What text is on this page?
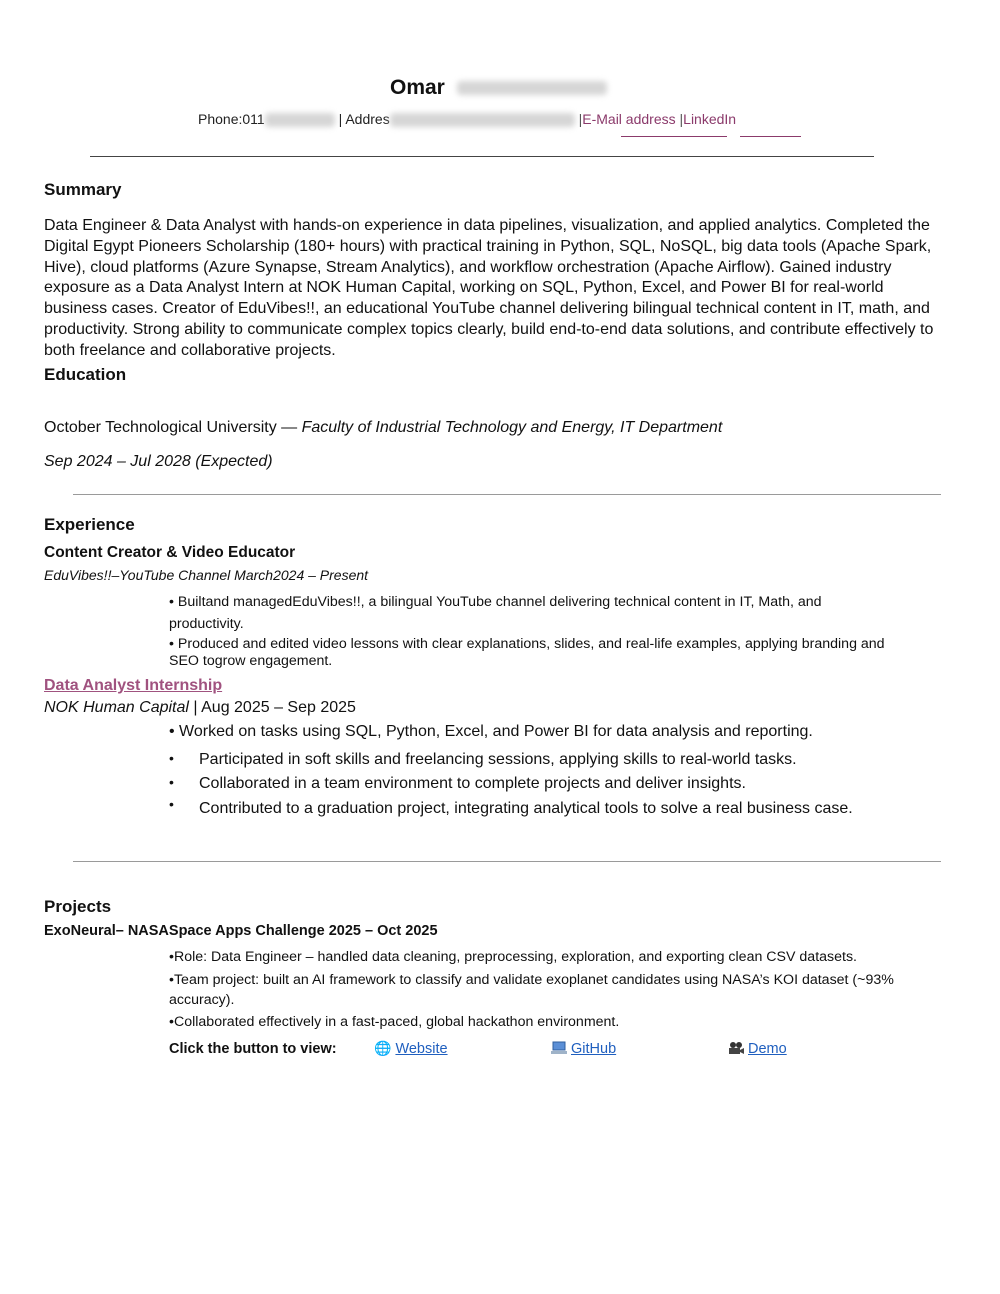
Omar
Phone:011	| Addres	|E-Mail address |LinkedIn
Summary
Data Engineer & Data Analyst with hands-on experience in data pipelines, visualization, and applied analytics. Completed the Digital Egypt Pioneers Scholarship (180+ hours) with practical training in Python, SQL, NoSQL, big data tools (Apache Spark, Hive), cloud platforms (Azure Synapse, Stream Analytics), and workflow orchestration (Apache Airflow). Gained industry exposure as a Data Analyst Intern at NOK Human Capital, working on SQL, Python, Excel, and Power BI for real-world business cases. Creator of EduVibes!!, an educational YouTube channel delivering bilingual technical content in IT, math, and productivity. Strong ability to communicate complex topics clearly, build end-to-end data solutions, and contribute effectively to both freelance and collaborative projects.
Education
October Technological University — Faculty of Industrial Technology and Energy, IT Department
Sep 2024 – Jul 2028 (Expected)
Experience
Content Creator & Video Educator
EduVibes!!–YouTube Channel March2024 – Present
• Builtand managedEduVibes!!, a bilingual YouTube channel delivering technical content in IT, Math, and
productivity.
• Produced and edited video lessons with clear explanations, slides, and real-life examples, applying branding and
SEO togrow engagement.
Data Analyst Internship
NOK Human Capital | Aug 2025 – Sep 2025
• Worked on tasks using SQL, Python, Excel, and Power BI for data analysis and reporting.
• Participated in soft skills and freelancing sessions, applying skills to real-world tasks.
• Collaborated in a team environment to complete projects and deliver insights.
• Contributed to a graduation project, integrating analytical tools to solve a real business case.
Projects
ExoNeural– NASASpace Apps Challenge 2025 – Oct 2025
•Role: Data Engineer – handled data cleaning, preprocessing, exploration, and exporting clean CSV datasets.
•Team project: built an AI framework to classify and validate exoplanet candidates using NASA’s KOI dataset (~93%
accuracy).
•Collaborated effectively in a fast-paced, global hackathon environment.
Click the button to view:	🌐 Website	GitHub	Demo
